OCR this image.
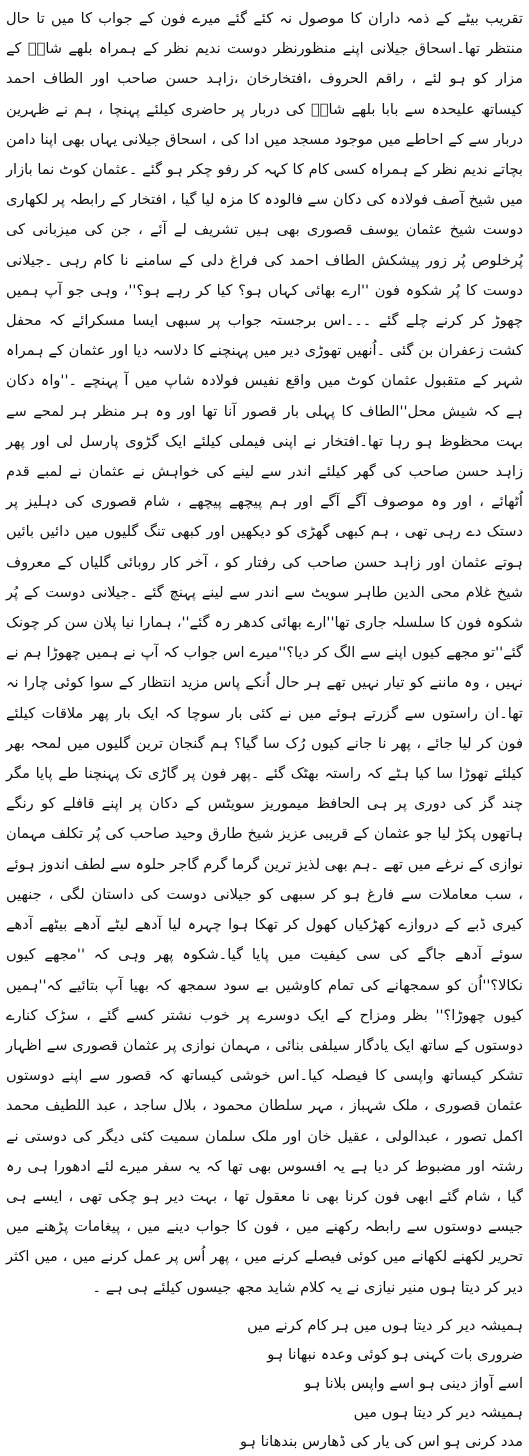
تقریب بیٹے کے ذمہ داران کا موصول نہ کئے گئے میرے فون کے جواب کا میں تا حال منتظر تھا۔اسحاق جیلانی اپنے منظورنظر دوست ندیم نظر کے ہمراہ بلھے شاہؒ کے مزار کو ہو لئے ، راقم الحروف ،افتخارخان ،زاہد حسن صاحب اور الطاف احمد کیساتھ علیحدہ سے بابا بلھے شاہؒ کی دربار پر حاضری کیلئے پہنچا ، ہم نے ظہرین دربار سے کے احاطے میں موجود مسجد میں ادا کی ، اسحاق جیلانی یہاں بھی اپنا دامن بچاتے ندیم نظر کے ہمراہ کسی کام کا کہہ کر رفو چکر ہو گئے ۔عثمان کوٹ نما بازار میں شیخ آصف فولادہ کی دکان سے فالودہ کا مزہ لیا گیا ، افتخار کے رابطہ پر لکھاری دوست شیخ عثمان یوسف قصوری بھی ہیں تشریف لے آئے ، جن کی میزبانی کی پُرخلوص پُر زور پیشکش الطاف احمد کی فراغ دلی کے سامنے نا کام رہی ۔جیلانی دوست کا پُر شکوہ فون ''ارے بھائی کہاں ہو؟ کیا کر رہے ہو؟''، وہی جو آپ ہمیں چھوڑ کر کرنے چلے گئے ۔۔۔اس برجستہ جواب پر سبھی ایسا مسکرائے کہ محفل کشت زعفران بن گئی ۔اُنھیں تھوڑی دیر میں پہنچنے کا دلاسہ دیا اور عثمان کے ہمراہ شہر کے متقبول عثمان کوٹ میں واقع نفیس فولادہ شاپ میں آ پہنچے ۔''واہ دکان ہے کہ شیش محل''الطاف کا پہلی بار قصور آنا تھا اور وہ ہر منظر ہر لمحے سے بہت محظوظ ہو رہا تھا۔افتخار نے اپنی فیملی کیلئے ایک گڑوی پارسل لی اور پھر زاہد حسن صاحب کی گھر کیلئے اندر سے لینے کی خواہش نے عثمان نے لمبے قدم اُٹھائے ، اور وہ موصوف آگے آگے اور ہم پیچھے پیچھے ، شام قصوری کی دہلیز پر دستک دے رہی تھی ، ہم کبھی گھڑی کو دیکھیں اور کبھی تنگ گلیوں میں دائیں بائیں ہوتے عثمان اور زاہد حسن صاحب کی رفتار کو ، آخر کار روبائی گلیاں کے معروف شیخ غلام محی الدین طاہر سویٹ سے اندر سے لینے پہنچ گئے ۔جیلانی دوست کے پُر شکوہ فون کا سلسلہ جاری تھا''ارے بھائی کدھر رہ گئے''، ہمارا نیا پلان سن کر چونک گئے''تو مجھے کیوں اپنے سے الگ کر دیا؟''میرے اس جواب کہ آپ نے ہمیں چھوڑا ہم نے نہیں ، وہ ماننے کو تیار نہیں تھے ہر حال اُنکے پاس مزید انتظار کے سوا کوئی چارا نہ تھا۔ان راستوں سے گزرتے ہوئے میں نے کئی بار سوچا کہ ایک بار پھر ملاقات کیلئے فون کر لیا جائے ، پھر نا جانے کیوں رُک سا گیا؟ ہم گنجان ترین گلیوں میں لمحہ بھر کیلئے تھوڑا سا کیا ہٹے کہ راستہ بھٹک گئے ۔پھر فون پر گاڑی تک پہنچنا طے پایا مگر چند گز کی دوری پر ہی الحافظ میموریز سویٹس کے دکان پر اپنے قافلے کو رنگے ہاتھوں پکڑ لیا جو عثمان کے قریبی عزیز شیخ طارق وحید صاحب کی پُر تکلف مہمان نوازی کے نرغے میں تھے ۔ہم بھی لذیز ترین گرما گرم گاجر حلوہ سے لطف اندوز ہوئے ، سب معاملات سے فارغ ہو کر سبھی کو جیلانی دوست کی داستان لگی ، جنھیں کیری ڈبے کے دروازے کھڑکیاں کھول کر تھکا ہوا چہرہ لیا آدھے لیٹے آدھے بیٹھے آدھے سوئے آدھے جاگے کی سی کیفیت میں پایا گیا۔شکوہ پھر وہی کہ ''مجھے کیوں نکالا؟''اُن کو سمجھانے کی تمام کاوشیں بے سود سمجھ کہ بھیا آپ بتائیے کہ''ہمیں کیوں چھوڑا؟'' بظر ومزاح کے ایک دوسرے پر خوب نشتر کسے گئے ، سڑک کنارے دوستوں کے ساتھ ایک یادگار سیلفی بنائی ، مہمان نوازی پر عثمان قصوری سے اظہار تشکر کیساتھ واپسی کا فیصلہ کیا۔اس خوشی کیساتھ کہ قصور سے اپنے دوستوں عثمان قصوری ، ملک شہباز ، مہر سلطان محمود ، بلال ساجد ، عبد اللطیف محمد اکمل تصور ، عبدالولی ، عقیل خان اور ملک سلمان سمیت کئی دیگر کی دوستی نے رشتہ اور مضبوط کر دیا ہے یہ افسوس بھی تھا کہ یہ سفر میرے لئے ادھورا ہی رہ گیا ، شام گئے ابھی فون کرنا بھی نا معقول تھا ، بہت دیر ہو چکی تھی ، ایسے ہی جیسے دوستوں سے رابطہ رکھنے میں ، فون کا جواب دینے میں ، پیغامات پڑھنے میں تحریر لکھنے لکھانے میں کوئی فیصلے کرنے میں ، پھر اُس پر عمل کرنے میں ، میں اکثر دیر کر دیتا ہوں منیر نیازی نے یہ کلام شاید مجھ جیسوں کیلئے ہی ہے ۔

ہمیشہ دیر کر دیتا ہوں میں ہر کام کرنے میں
ضروری بات کہنی ہو کوئی وعدہ نبھانا ہو
اسے آواز دینی ہو اسے واپس بلانا ہو
ہمیشہ دیر کر دیتا ہوں میں
مدد کرنی ہو اس کی یار کی ڈھارس بندھانا ہو
